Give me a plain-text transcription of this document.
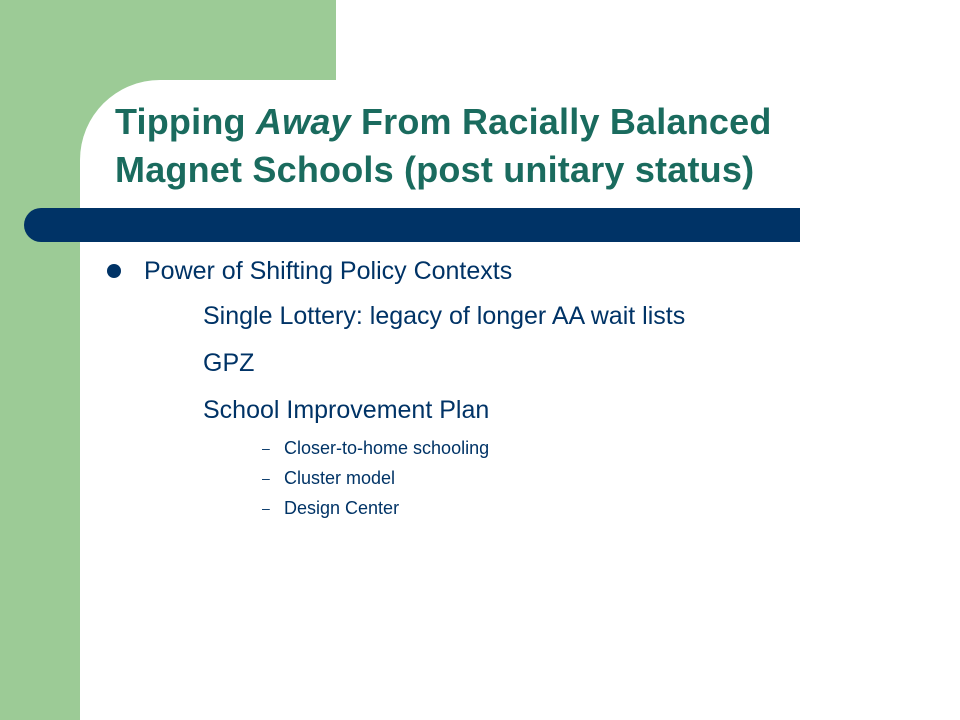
Tipping Away From Racially Balanced
Magnet Schools (post unitary status)
Power of Shifting Policy Contexts
Single Lottery: legacy of longer AA wait lists
GPZ
School Improvement Plan
– Closer-to-home schooling
– Cluster model
– Design Center
